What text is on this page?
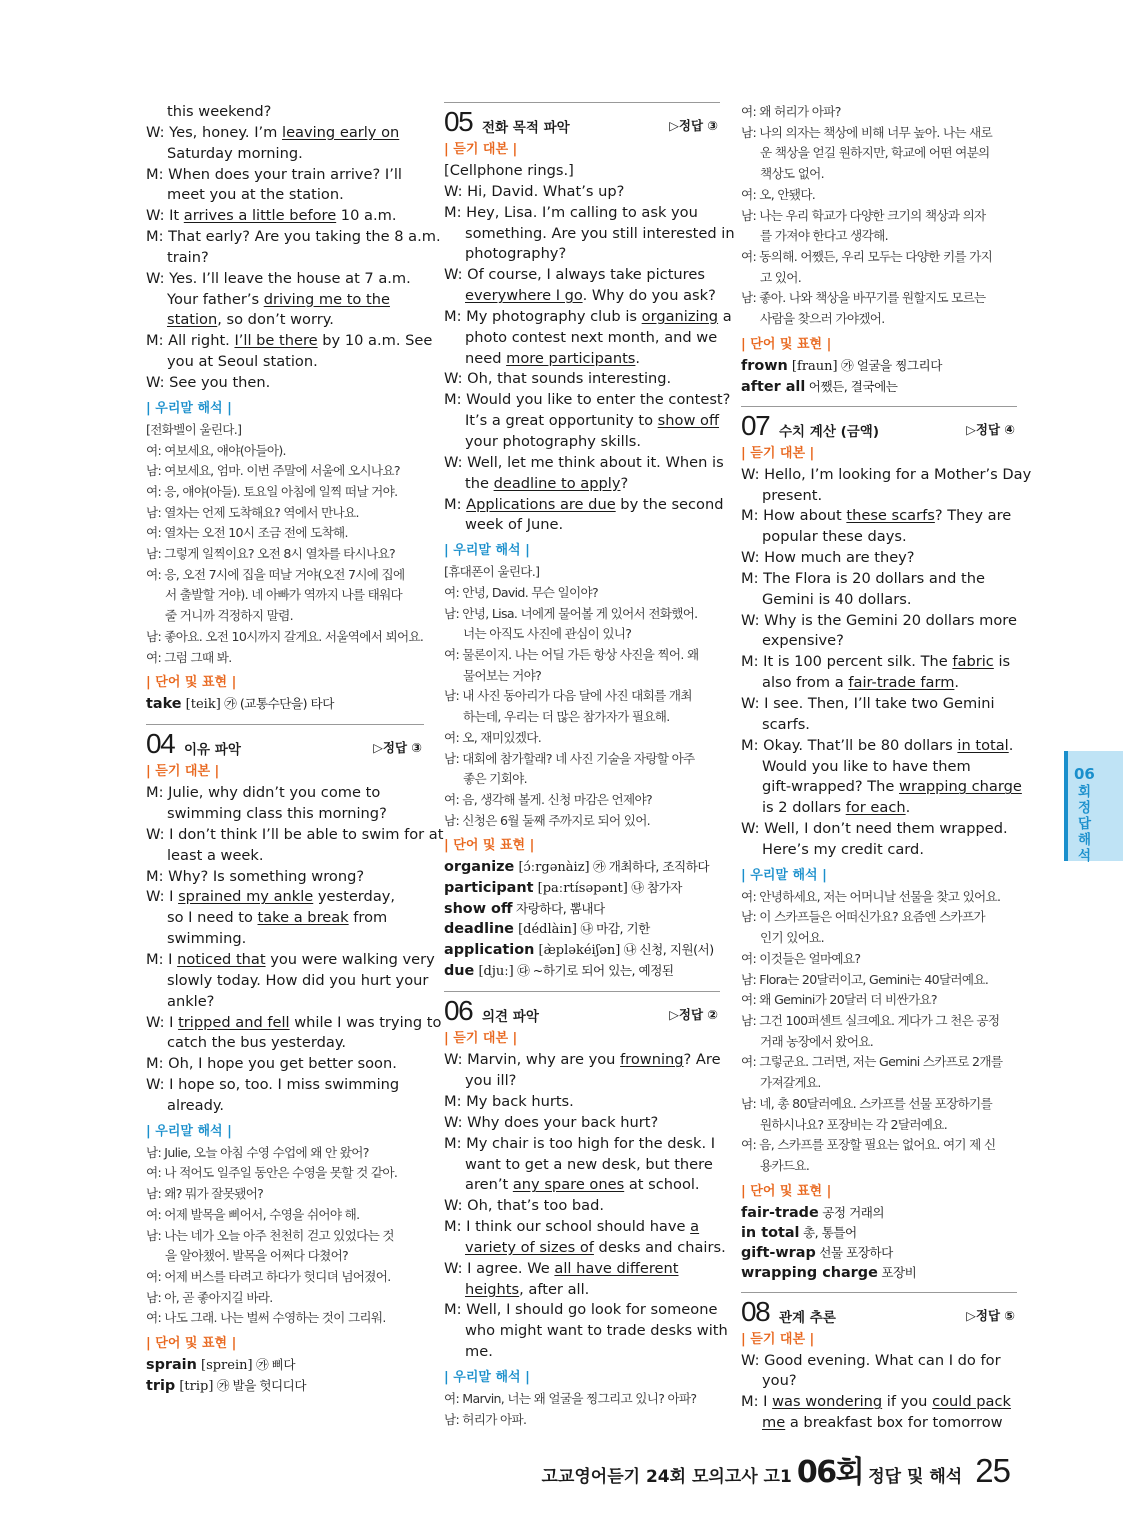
this weekend?
W: Yes, honey. I’m leaving early on
Saturday morning.
M: When does your train arrive? I’ll
meet you at the station.
W: It arrives a little before 10 a.m.
M: That early? Are you taking the 8 a.m.
train?
W: Yes. I’ll leave the house at 7 a.m.
Your father’s driving me to the
station, so don’t worry.
M: All right. I’ll be there by 10 a.m. See
you at Seoul station.
W: See you then.
| 우리말 해석 |
[전화벨이 울린다.]
여: 여보세요, 얘야(아들아).
남: 여보세요, 엄마. 이번 주말에 서울에 오시나요?
여: 응, 얘야(아들). 토요일 아침에 일찍 떠날 거야.
남: 열차는 언제 도착해요? 역에서 만나요.
여: 열차는 오전 10시 조금 전에 도착해.
남: 그렇게 일찍이요? 오전 8시 열차를 타시나요?
여: 응, 오전 7시에 집을 떠날 거야(오전 7시에 집에
서 출발할 거야). 네 아빠가 역까지 나를 태워다
줄 거니까 걱정하지 말렴.
남: 좋아요. 오전 10시까지 갈게요. 서울역에서 뵈어요.
여: 그럼 그때 봐.
| 단어 및 표현 |
take [teik] ㉮ (교통수단을) 타다
04 이유 파악	▷정답 ③
| 듣기 대본 |
M: Julie, why didn’t you come to
swimming class this morning?
W: I don’t think I’ll be able to swim for at
least a week.
M: Why? Is something wrong?
W: I sprained my ankle yesterday,
so I need to take a break from
swimming.
M: I noticed that you were walking very
slowly today. How did you hurt your
ankle?
W: I tripped and fell while I was trying to
catch the bus yesterday.
M: Oh, I hope you get better soon.
W: I hope so, too. I miss swimming
already.
| 우리말 해석 |
남: Julie, 오늘 아침 수영 수업에 왜 안 왔어?
여: 나 적어도 일주일 동안은 수영을 못할 것 같아.
남: 왜? 뭐가 잘못됐어?
여: 어제 발목을 삐어서, 수영을 쉬어야 해.
남: 나는 네가 오늘 아주 천천히 걷고 있었다는 것
을 알아챘어. 발목을 어쩌다 다쳤어?
여: 어제 버스를 타려고 하다가 헛디뎌 넘어졌어.
남: 아, 곧 좋아지길 바라.
여: 나도 그래. 나는 벌써 수영하는 것이 그리워.
| 단어 및 표현 |
sprain [sprein] ㉮ 삐다
trip [trip] ㉮ 발을 헛디디다
05 전화 목적 파악	▷정답 ③
| 듣기 대본 |
[Cellphone rings.]
W: Hi, David. What’s up?
M: Hey, Lisa. I’m calling to ask you
something. Are you still interested in
photography?
W: Of course, I always take pictures
everywhere I go. Why do you ask?
M: My photography club is organizing a
photo contest next month, and we
need more participants.
W: Oh, that sounds interesting.
M: Would you like to enter the contest?
It’s a great opportunity to show off
your photography skills.
W: Well, let me think about it. When is
the deadline to apply?
M: Applications are due by the second
week of June.
| 우리말 해석 |
[휴대폰이 울린다.]
여: 안녕, David. 무슨 일이야?
남: 안녕, Lisa. 너에게 물어볼 게 있어서 전화했어.
너는 아직도 사진에 관심이 있니?
여: 물론이지. 나는 어딜 가든 항상 사진을 찍어. 왜
물어보는 거야?
남: 내 사진 동아리가 다음 달에 사진 대회를 개최
하는데, 우리는 더 많은 참가자가 필요해.
여: 오, 재미있겠다.
남: 대회에 참가할래? 네 사진 기술을 자랑할 아주
좋은 기회야.
여: 음, 생각해 볼게. 신청 마감은 언제야?
남: 신청은 6월 둘째 주까지로 되어 있어.
| 단어 및 표현 |
organize [ɔ́ːrgənàiz] ㉮ 개최하다, 조직하다
participant [paːrtísəpənt] ㉯ 참가자
show off 자랑하다, 뽐내다
deadline [dédlàin] ㉯ 마감, 기한
application [æ̀pləkéiʃən] ㉯ 신청, 지원(서)
due [djuː] ㉰ ~하기로 되어 있는, 예정된
06 의견 파악	▷정답 ②
| 듣기 대본 |
W: Marvin, why are you frowning? Are
you ill?
M: My back hurts.
W: Why does your back hurt?
M: My chair is too high for the desk. I
want to get a new desk, but there
aren’t any spare ones at school.
W: Oh, that’s too bad.
M: I think our school should have a
variety of sizes of desks and chairs.
W: I agree. We all have different
heights, after all.
M: Well, I should go look for someone
who might want to trade desks with
me.
| 우리말 해석 |
여: Marvin, 너는 왜 얼굴을 찡그리고 있니? 아파?
남: 허리가 아파.
여: 왜 허리가 아파?
남: 나의 의자는 책상에 비해 너무 높아. 나는 새로
운 책상을 얻길 원하지만, 학교에 어떤 여분의
책상도 없어.
여: 오, 안됐다.
남: 나는 우리 학교가 다양한 크기의 책상과 의자
를 가져야 한다고 생각해.
여: 동의해. 어쨌든, 우리 모두는 다양한 키를 가지
고 있어.
남: 좋아. 나와 책상을 바꾸기를 원할지도 모르는
사람을 찾으러 가야겠어.
| 단어 및 표현 |
frown [fraun] ㉮ 얼굴을 찡그리다
after all 어쨌든, 결국에는
07 수치 계산 (금액)	▷정답 ④
| 듣기 대본 |
W: Hello, I’m looking for a Mother’s Day
present.
M: How about these scarfs? They are
popular these days.
W: How much are they?
M: The Flora is 20 dollars and the
Gemini is 40 dollars.
W: Why is the Gemini 20 dollars more
expensive?
M: It is 100 percent silk. The fabric is
also from a fair-trade farm.
W: I see. Then, I’ll take two Gemini
scarfs.
M: Okay. That’ll be 80 dollars in total.
Would you like to have them
gift-wrapped? The wrapping charge
is 2 dollars for each.
W: Well, I don’t need them wrapped.
Here’s my credit card.
| 우리말 해석 |
여: 안녕하세요, 저는 어머니날 선물을 찾고 있어요.
남: 이 스카프들은 어떠신가요? 요즘엔 스카프가
인기 있어요.
여: 이것들은 얼마예요?
남: Flora는 20달러이고, Gemini는 40달러예요.
여: 왜 Gemini가 20달러 더 비싼가요?
남: 그건 100퍼센트 실크예요. 게다가 그 천은 공정
거래 농장에서 왔어요.
여: 그렇군요. 그러면, 저는 Gemini 스카프로 2개를
가져갈게요.
남: 네, 총 80달러예요. 스카프를 선물 포장하기를
원하시나요? 포장비는 각 2달러예요.
여: 음, 스카프를 포장할 필요는 없어요. 여기 제 신
용카드요.
| 단어 및 표현 |
fair-trade 공정 거래의
in total 총, 통틀어
gift-wrap 선물 포장하다
wrapping charge 포장비
08 관계 추론	▷정답 ⑤
| 듣기 대본 |
W: Good evening. What can I do for
you?
M: I was wondering if you could pack
me a breakfast box for tomorrow
06
회 정답해석
고교영어듣기 24회 모의고사 고1 06회 정답 및 해석 25
